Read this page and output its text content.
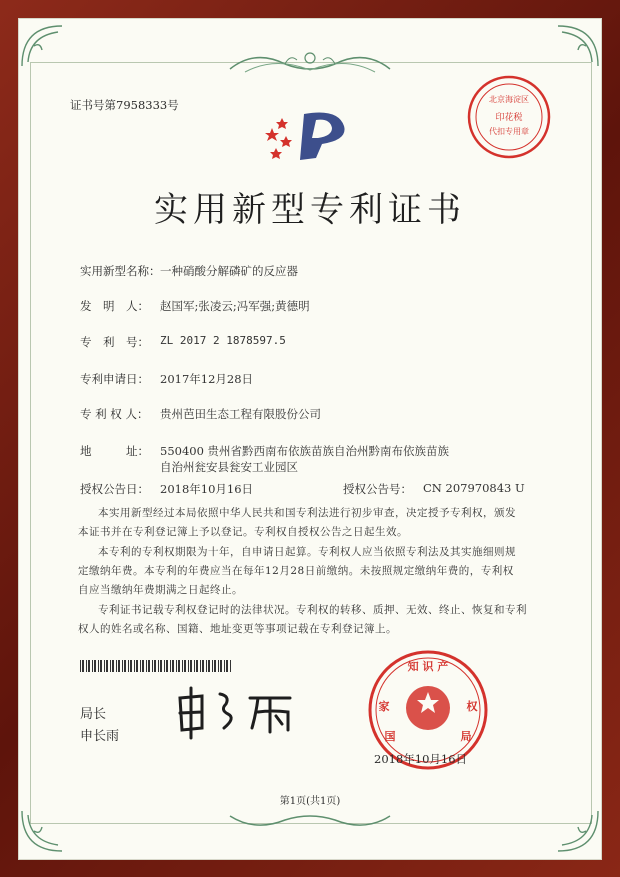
证书号第7958333号	北京海淀区
印花税
代扣专用章
实用新型专利证书
实用新型名称： 一种硝酸分解磷矿的反应器
发　明　人： 赵国军;张凌云;冯军强;黄德明
专　利　号： ZL 2017 2 1878597.5
专利申请日： 2017年12月28日
专 利 权 人： 贵州芭田生态工程有限股份公司
地　　　址： 550400 贵州省黔西南布依族苗族自治州黔南布依族苗族
自治州瓮安县瓮安工业园区
授权公告日： 2018年10月16日	授权公告号： CN 207970843 U
本实用新型经过本局依照中华人民共和国专利法进行初步审查，决定授予专利权，颁发
本证书并在专利登记簿上予以登记。专利权自授权公告之日起生效。
本专利的专利权期限为十年，自申请日起算。专利权人应当依照专利法及其实施细则规
定缴纳年费。本专利的年费应当在每年12月28日前缴纳。未按照规定缴纳年费的，专利权
自应当缴纳年费期满之日起终止。
专利证书记载专利权登记时的法律状况。专利权的转移、质押、无效、终止、恢复和专利
权人的姓名或名称、国籍、地址变更等事项记载在专利登记簿上。
局长
申长雨
知 识 产
家	权
国	局
2018年10月16日
第1页(共1页)
